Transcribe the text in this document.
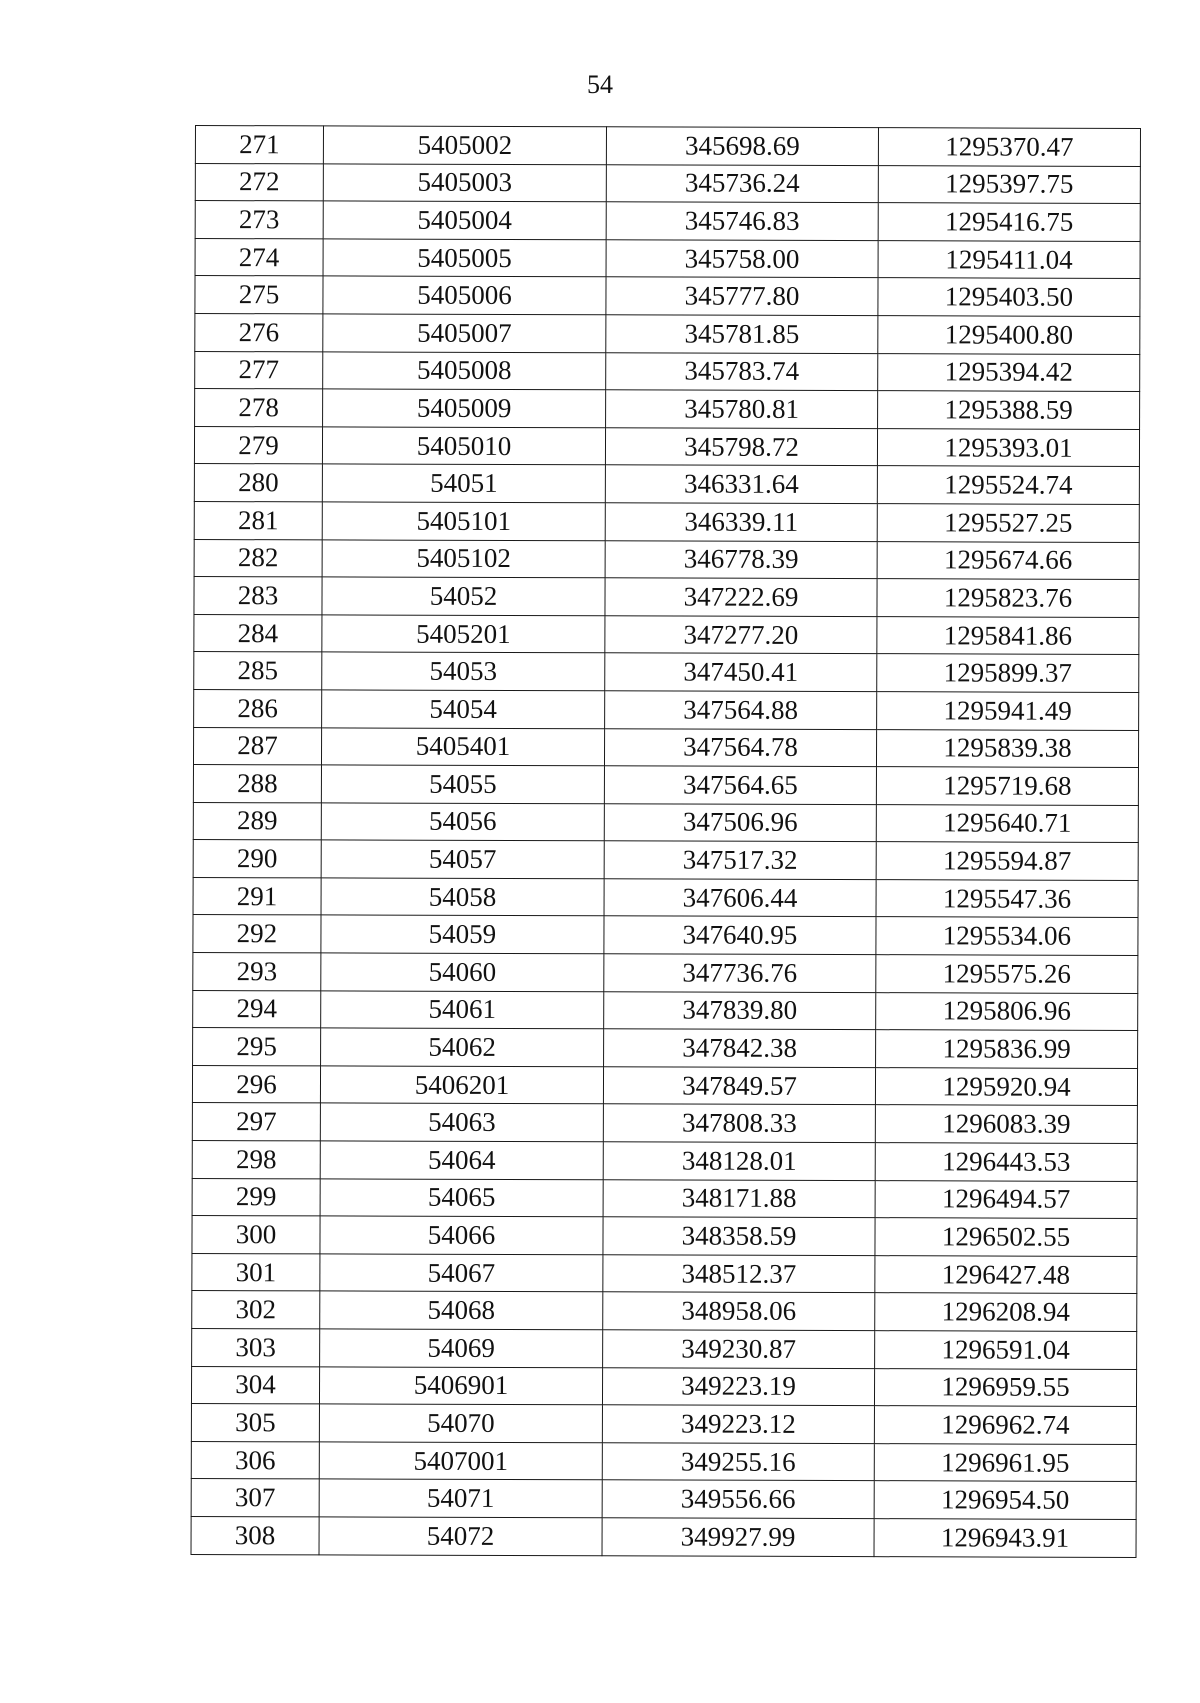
54
271	5405002	345698.69	1295370.47
272	5405003	345736.24	1295397.75
273	5405004	345746.83	1295416.75
274	5405005	345758.00	1295411.04
275	5405006	345777.80	1295403.50
276	5405007	345781.85	1295400.80
277	5405008	345783.74	1295394.42
278	5405009	345780.81	1295388.59
279	5405010	345798.72	1295393.01
280	54051	346331.64	1295524.74
281	5405101	346339.11	1295527.25
282	5405102	346778.39	1295674.66
283	54052	347222.69	1295823.76
284	5405201	347277.20	1295841.86
285	54053	347450.41	1295899.37
286	54054	347564.88	1295941.49
287	5405401	347564.78	1295839.38
288	54055	347564.65	1295719.68
289	54056	347506.96	1295640.71
290	54057	347517.32	1295594.87
291	54058	347606.44	1295547.36
292	54059	347640.95	1295534.06
293	54060	347736.76	1295575.26
294	54061	347839.80	1295806.96
295	54062	347842.38	1295836.99
296	5406201	347849.57	1295920.94
297	54063	347808.33	1296083.39
298	54064	348128.01	1296443.53
299	54065	348171.88	1296494.57
300	54066	348358.59	1296502.55
301	54067	348512.37	1296427.48
302	54068	348958.06	1296208.94
303	54069	349230.87	1296591.04
304	5406901	349223.19	1296959.55
305	54070	349223.12	1296962.74
306	5407001	349255.16	1296961.95
307	54071	349556.66	1296954.50
308	54072	349927.99	1296943.91
